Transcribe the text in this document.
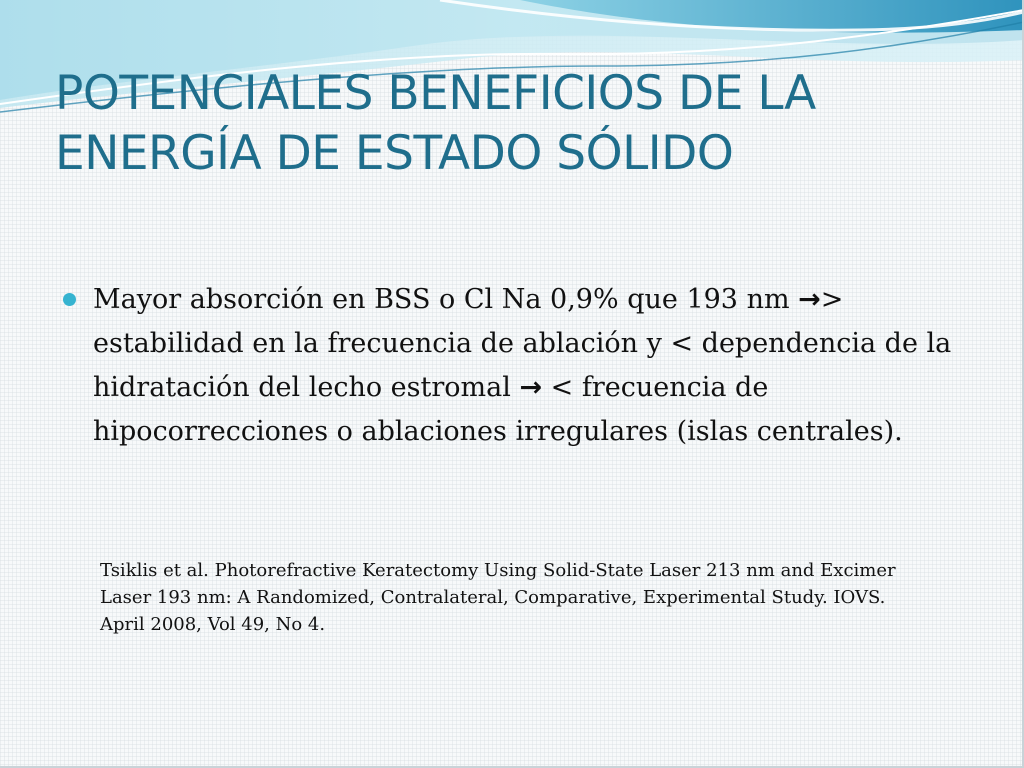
POTENCIALES BENEFICIOS DE LA
ENERGÍA DE ESTADO SÓLIDO
Mayor absorción en BSS o Cl Na 0,9% que 193 nm →> estabilidad en la frecuencia de ablación y < dependencia de la hidratación del lecho estromal → < frecuencia de hipocorrecciones o ablaciones irregulares (islas centrales).

Tsiklis et al. Photorefractive Keratectomy Using Solid-State Laser 213 nm and Excimer
Laser 193 nm: A Randomized, Contralateral, Comparative, Experimental Study. IOVS.
April 2008, Vol 49, No 4.
